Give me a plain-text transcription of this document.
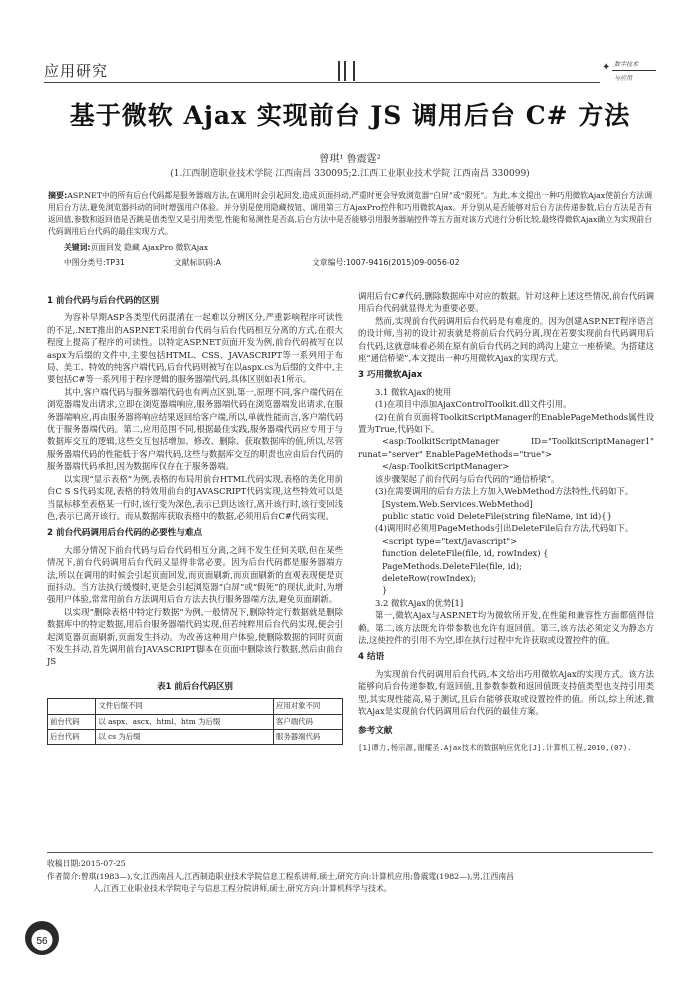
应用研究	✦ 数字技术
与应用
基于微软 Ajax 实现前台 JS 调用后台 C# 方法
曾琪¹ 鲁震霆²
(1.江西制造职业技术学院 江西南昌 330095;2.江西工业职业技术学院 江西南昌 330099)
摘要:ASP.NET中的所有后台代码都是服务器端方法,在调用时会引起回发,造成页面抖动,严重时更会导致浏览器“白屏”或“假死”。为此,本文提出一种巧用微软Ajax使前台方法调用后台方法,避免浏览器抖动的同时增强用户体验。并分别是使用隐藏按钮、调用第三方AjaxPro控件和巧用微软Ajax。并分别从是否能够对后台方法传递参数,后台方法是否有返回值,参数和返回值是否跳是值类型又是引用类型,性能和易测性是否高,后台方法中是否能够引用服务器端控件等五方面对该方式进行分析比较,最终得微软Ajax确立为实现前台代码调用后台代码的最佳实现方式。
关键词:页面回发 隐藏 AjaxPro 微软Ajax
中图分类号:TP31	文献标识码:A	文章编号:1007-9416(2015)09-0056-02
1 前台代码与后台代码的区别

为容补早期ASP各类型代码混淆在一起难以分辨区分,严重影响程序可读性的不足,.NET推出的ASP.NET采用前台代码与后台代码相互分离的方式,在很大程度上提高了程序的可读性。以特定ASP.NET页面开发为例,前台代码被写在以aspx为后缀的文件中,主要包括HTML、CSS、JAVASCRIPT等一系列用于布局、美工、特效的纯客户端代码,后台代码则被写在以aspx.cs为后缀的文件中,主要包括C#等一系列用于程序逻辑的服务器端代码,具体区别如表1所示。

其中,客户端代码与服务器端代码也有两点区别,第一,原理不同,客户端代码在浏览器端发出请求,立即在浏览器端响应,服务器端代码在浏览器端发出请求,在服务器端响应,再由服务器将响应结果返回给客户端,所以,单就性能而言,客户端代码优于服务器端代码。第二,应用范围不同,根据最佳实践,服务器端代码应专用于与数据库交互的逻辑,这些交互包括增加、修改、删除、获取数据库的值,所以,尽管服务器端代码的性能低于客户端代码,这些与数据库交互的职责也应由后台代码的服务器端代码承担,因为数据库仅存在于服务器端。

以实现“显示表格”为例,表格的布局用前台HTML代码实现,表格的美化用前台C S S代码实现,表格的特效用前台的JAVASCRIPT代码实现,这些特效可以是当鼠标移至表格某一行时,该行变为深色,表示已到达该行,离开该行时,该行变回浅色,表示已离开该行。而从数据库获取表格中的数据,必须用后台C#代码实现。

2 前台代码调用后台代码的必要性与难点

大部分情况下前台代码与后台代码相互分离,之间不发生任何关联,但在某些情况下,前台代码调用后台代码又显得非常必要。因为后台代码都是服务器端方法,所以在调用的时候会引起页面回发,而页面刷新,而页面刷新的直观表现便是页面抖动。当方法执行缓慢时,更是会引起浏览器“白屏”或“假死”的现状,此时,为增强用户体验,常常用前台方法调用后台方法去执行服务器端方法,避免页面刷新。

以实现“删除表格中特定行数据”为例,一般情况下,删除特定行数据就是删除数据库中的特定数据,用后台服务器端代码实现,但若纯粹用后台代码实现,便会引起浏览器页面刷新,页面发生抖动。为改善这种用户体验,使删除数据的同时页面不发生抖动,首先调用前台JAVASCRIPT脚本在页面中删除该行数据,然后由前台JS

表1 前后台代码区别
	文件后缀不同	应用对象不同
前台代码	以 aspx、ascx、html、htm 为后缀	客户端代码
后台代码	以 cs 为后缀	服务器端代码

调用后台C#代码,删除数据库中对应的数据。针对这种上述这些情况,前台代码调用后台代码就显得尤为重要必要。

然而,实现前台代码调用后台代码是有难度的。因为创建ASP.NET程序语言的设计师,当初的设计初衷就是将前后台代码分离,现在若要实现前台代码调用后台代码,这就意味着必须在原有前后台代码之间的鸿沟上建立一座桥梁。为搭建这座“通信桥梁”,本文提出一种巧用微软Ajax的实现方式。

3 巧用微软Ajax

3.1 微软Ajax的使用

(1)在项目中添加AjaxControlToolkit.dll文件引用。

(2)在前台页面将ToolkitScriptManager的EnablePageMethods属性设置为True,代码如下。

<asp:ToolkitScriptManager ID="ToolkitScriptManager1" runat="server" EnablePageMethods="true">
</asp:ToolkitScriptManager>

该步骤架起了前台代码与后台代码的“通信桥梁”。

(3)在需要调用的后台方法上方加入WebMethod方法特性,代码如下。

[System.Web.Services.WebMethod]
public static void DeleteFile(string fileName, int id){}

(4)调用时必须用PageMethods引出DeleteFile后台方法,代码如下。

<script type="text/javascript">
function deleteFile(file, id, rowIndex) {
PageMethods.DeleteFile(file, id);
deleteRow(rowIndex);
}

3.2 微软Ajax的优势[1]

第一,微软Ajax与ASP.NET均为微软所开发,在性能和兼容性方面都值得信赖。第二,该方法既允许带参数也允许有返回值。第三,该方法必须定义为静态方法,这使控件的引用不为空,即在执行过程中允许获取或设置控件的值。

4 结语

为实现前台代码调用后台代码,本文给出巧用微软Ajax的实现方式。该方法能够向后台传递参数,有返回值,且参数参数和返回值既支持值类型也支持引用类型,其实现性能高,易于测试,且后台能够获取或设置控件的值。所以,综上所述,微软Ajax是实现前台代码调用后台代码的最佳方案。

参考文献
[1]谭力,杨宗源,谢耀圣.Ajax技术的数据响应优化[J].计算机工程,2010,(07).
收稿日期:2015-07-25
作者简介:曾琪(1983—),女,江西南昌人,江西制造职业技术学院信息工程系讲师,硕士,研究方向:计算机应用;鲁震霆(1982—),男,江西南昌
人,江西工业职业技术学院电子与信息工程分院讲师,硕士,研究方向:计算机科学与技术。
56
